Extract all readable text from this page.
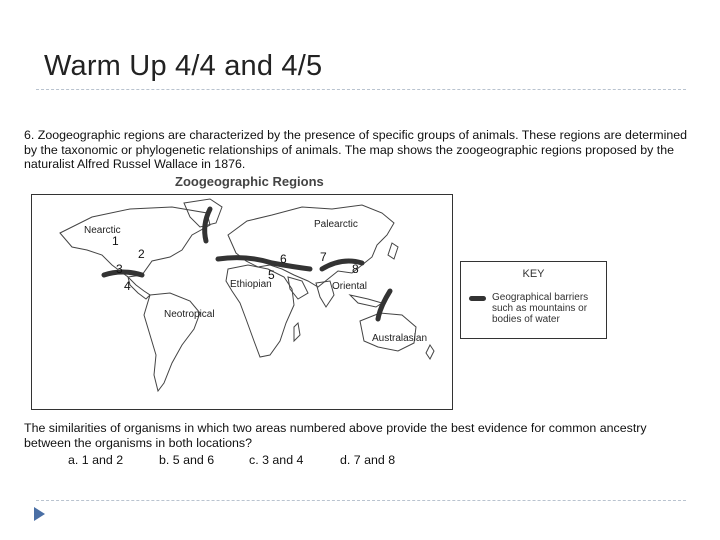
Warm Up 4/4 and 4/5
6. Zoogeographic regions are characterized by the presence of specific groups of animals. These regions are determined by the taxonomic or phylogenetic relationships of animals. The map shows the zoogeographic regions proposed by the naturalist Alfred Russel Wallace in 1876.
Zoogeographic Regions
Nearctic
Palearctic
Ethiopian	Oriental
Neotropical
Australasian
1
2
3
4
5
6	7
8	KEY
Geographical barriers
such as mountains or
bodies of water
The similarities of organisms in which two areas numbered above provide the best evidence for common ancestry between the organisms in both locations?
a. 1 and 2	b. 5 and 6	c. 3 and 4	d. 7 and 8
